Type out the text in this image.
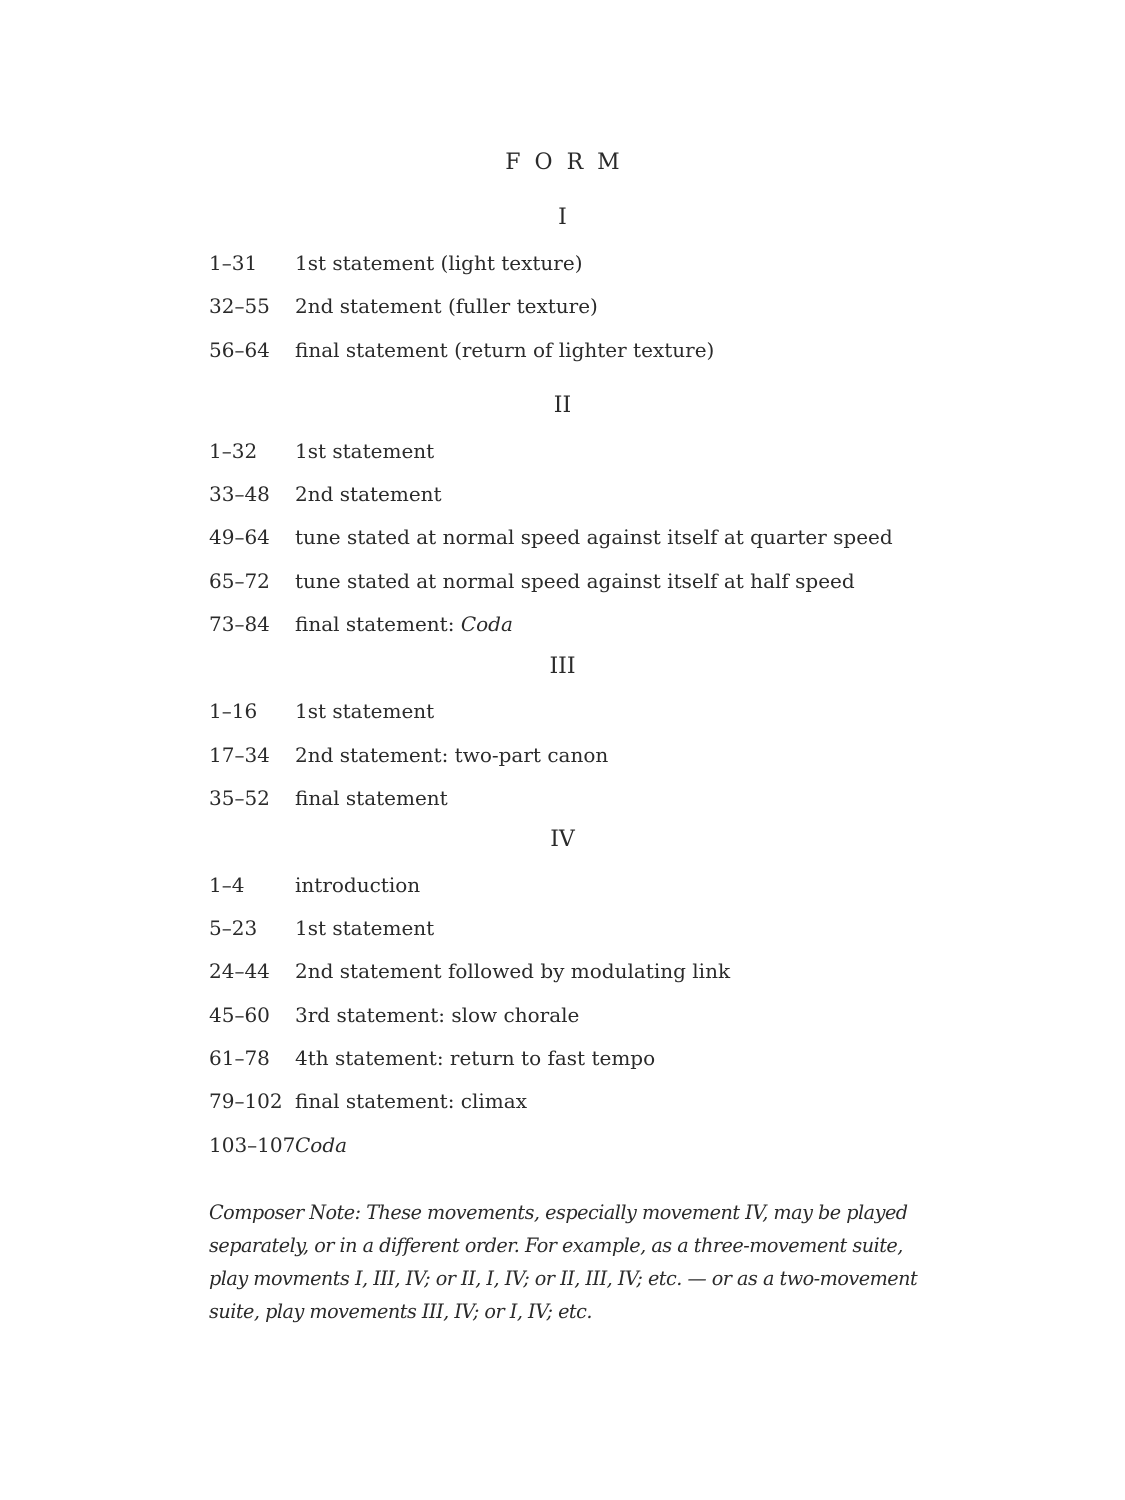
FORM
I
1–31	1st statement (light texture)
32–55	2nd statement (fuller texture)
56–64	final statement (return of lighter texture)
II
1–32	1st statement
33–48	2nd statement
49–64	tune stated at normal speed against itself at quarter speed
65–72	tune stated at normal speed against itself at half speed
73–84	final statement: Coda
III
1–16	1st statement
17–34	2nd statement: two-part canon
35–52	final statement
IV
1–4	introduction
5–23	1st statement
24–44	2nd statement followed by modulating link
45–60	3rd statement: slow chorale
61–78	4th statement: return to fast tempo
79–102 final statement: climax
103–107 Coda
Composer Note: These movements, especially movement IV, may be played separately, or in a different order. For example, as a three-movement suite, play movments I, III, IV; or II, I, IV; or II, III, IV; etc. — or as a two-movement suite, play movements III, IV; or I, IV; etc.
